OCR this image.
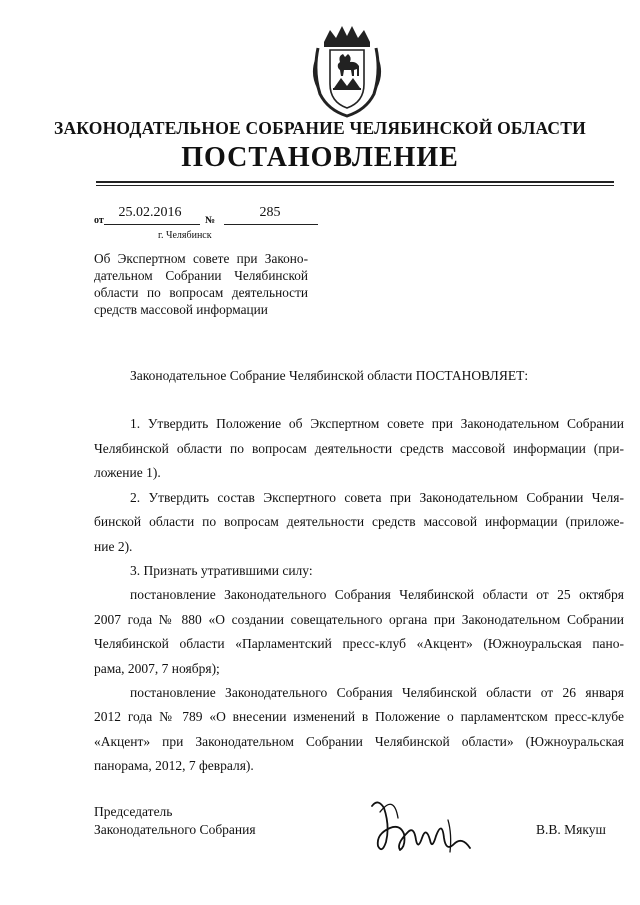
ЗАКОНОДАТЕЛЬНОЕ СОБРАНИЕ ЧЕЛЯБИНСКОЙ ОБЛАСТИ
ПОСТАНОВЛЕНИЕ
от
25.02.2016
№
285
г. Челябинск
Об Экспертном совете при Законо-
дательном Собрании Челябинской
области по вопросам деятельности
средств массовой информации
Законодательное Собрание Челябинской области ПОСТАНОВЛЯЕТ:
1. Утвердить Положение об Экспертном совете при Законодательном Собрании
Челябинской области по вопросам деятельности средств массовой информации (при-
ложение 1).
2. Утвердить состав Экспертного совета при Законодательном Собрании Челя-
бинской области по вопросам деятельности средств массовой информации (приложе-
ние 2).
3. Признать утратившими силу:
постановление Законодательного Собрания Челябинской области от 25 октября
2007 года № 880 «О создании совещательного органа при Законодательном Собрании
Челябинской области «Парламентский пресс-клуб «Акцент» (Южноуральская пано-
рама, 2007, 7 ноября);
постановление Законодательного Собрания Челябинской области от 26 января
2012 года № 789 «О внесении изменений в Положение о парламентском пресс-клубе
«Акцент» при Законодательном Собрании Челябинской области» (Южноуральская
панорама, 2012, 7 февраля).
Председатель
Законодательного Собрания	В.В. Мякуш
